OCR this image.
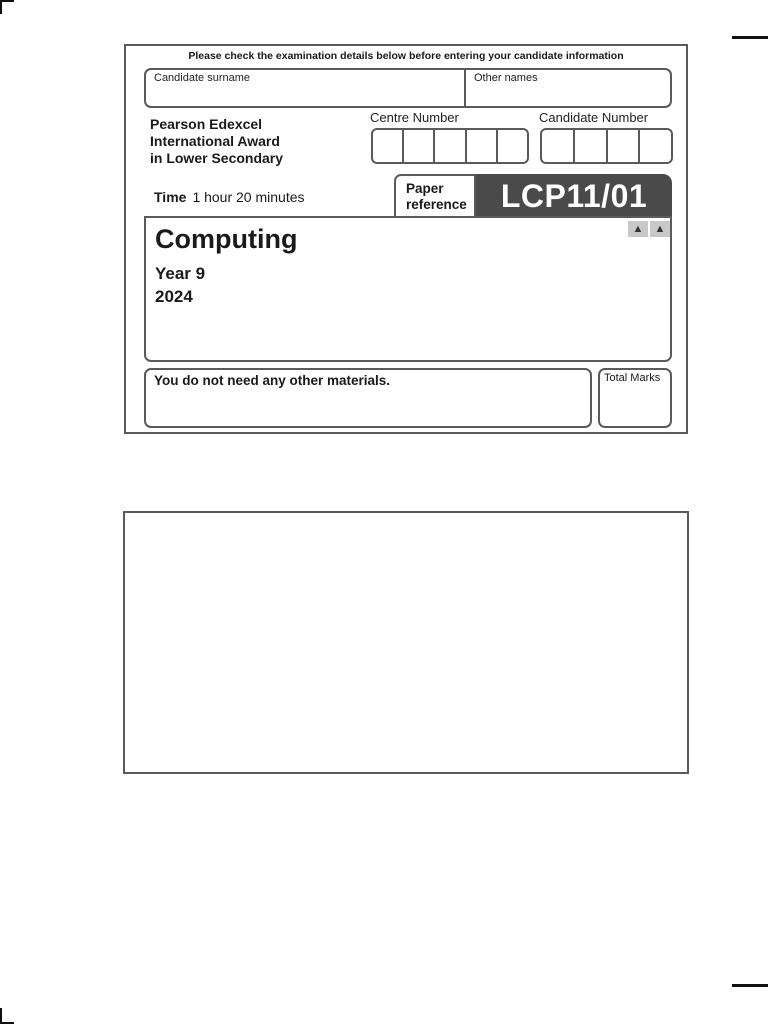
Please check the examination details below before entering your candidate information
Candidate surname	Other names
Pearson Edexcel
International Award
in Lower Secondary
Centre Number	Candidate Number
Time 1 hour 20 minutes
Paper
reference	LCP11/01
Computing
Year 9
2024
▲	▲
You do not need any other materials.	Total Marks
